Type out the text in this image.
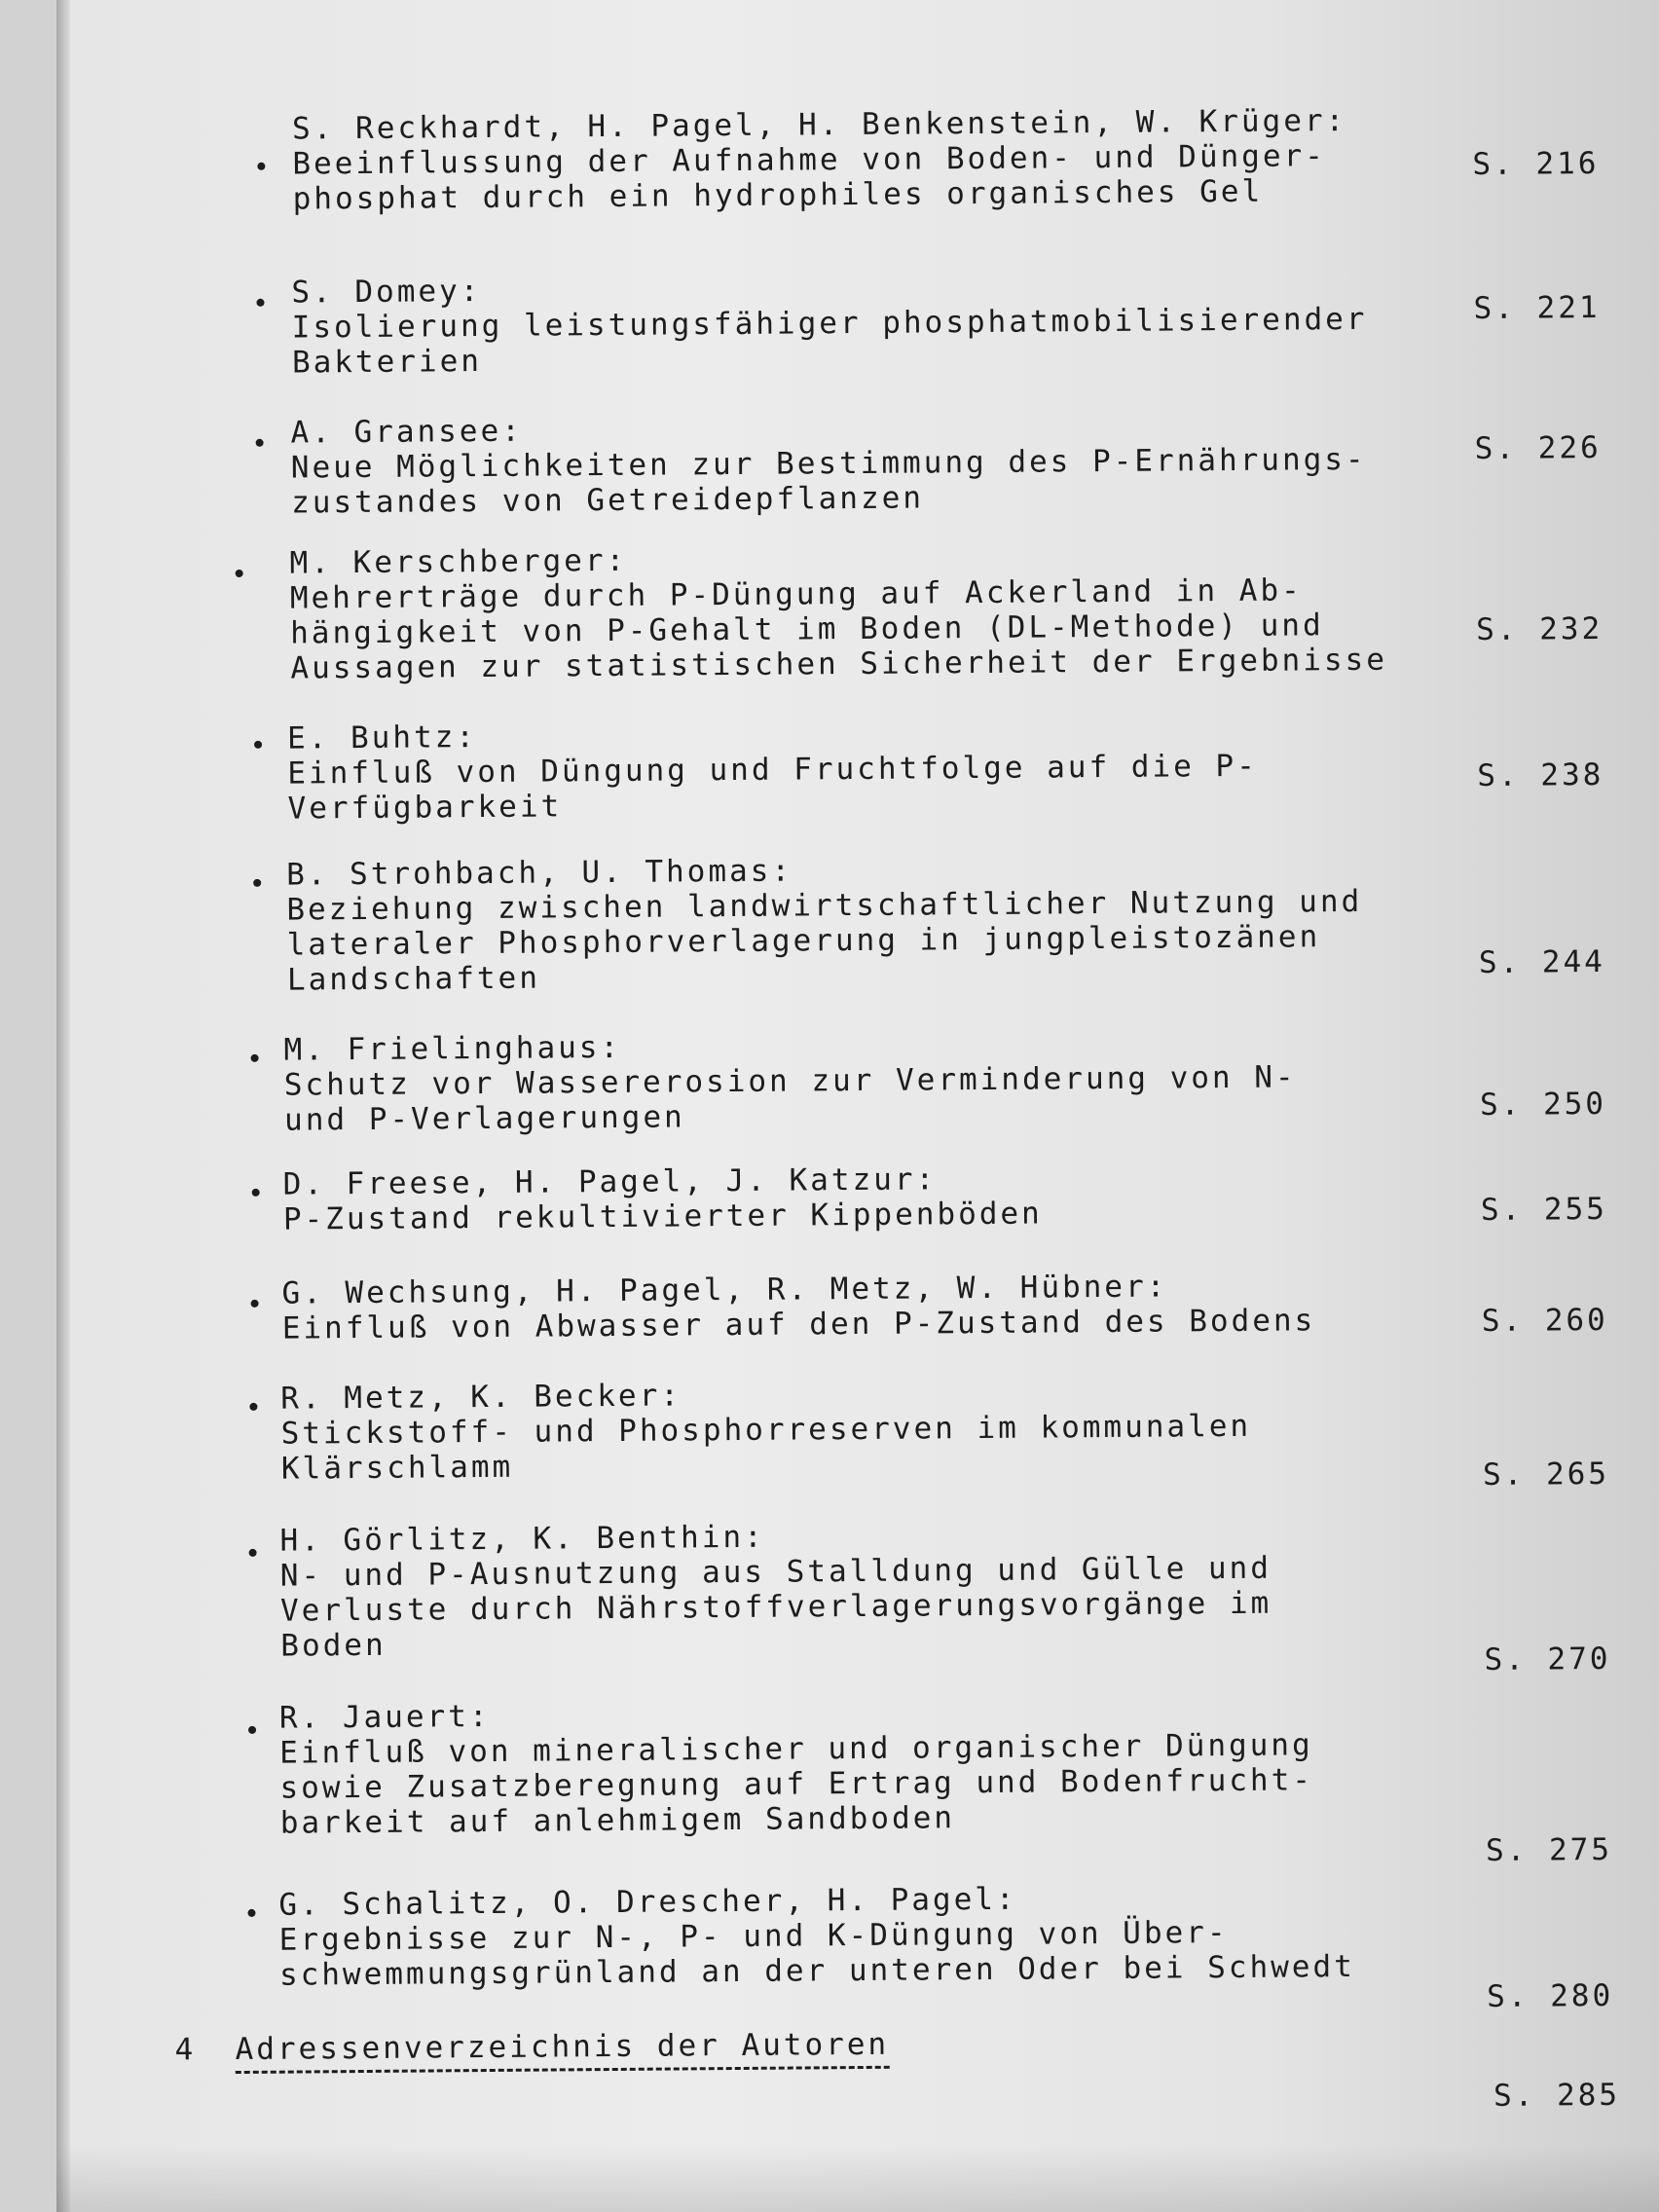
S. Reckhardt, H. Pagel, H. Benkenstein, W. Krüger:
Beeinflussung der Aufnahme von Boden- und Dünger-
phosphat durch ein hydrophiles organisches Gel
S. 216
S. Domey:
Isolierung leistungsfähiger phosphatmobilisierender
Bakterien
S. 221
A. Gransee:
Neue Möglichkeiten zur Bestimmung des P-Ernährungs-
zustandes von Getreidepflanzen
S. 226
M. Kerschberger:
Mehrerträge durch P-Düngung auf Ackerland in Ab-
hängigkeit von P-Gehalt im Boden (DL-Methode) und
Aussagen zur statistischen Sicherheit der Ergebnisse
S. 232
E. Buhtz:
Einfluß von Düngung und Fruchtfolge auf die P-
Verfügbarkeit
S. 238
B. Strohbach, U. Thomas:
Beziehung zwischen landwirtschaftlicher Nutzung und
lateraler Phosphorverlagerung in jungpleistozänen
Landschaften	S. 244
M. Frielinghaus:
Schutz vor Wassererosion zur Verminderung von N-
und P-Verlagerungen	S. 250
D. Freese, H. Pagel, J. Katzur:
P-Zustand rekultivierter Kippenböden	S. 255
G. Wechsung, H. Pagel, R. Metz, W. Hübner:
Einfluß von Abwasser auf den P-Zustand des Bodens	S. 260
R. Metz, K. Becker:
Stickstoff- und Phosphorreserven im kommunalen
Klärschlamm	S. 265
H. Görlitz, K. Benthin:
N- und P-Ausnutzung aus Stalldung und Gülle und
Verluste durch Nährstoffverlagerungsvorgänge im
Boden	S. 270
R. Jauert:
Einfluß von mineralischer und organischer Düngung
sowie Zusatzberegnung auf Ertrag und Bodenfrucht-
barkeit auf anlehmigem Sandboden
S. 275
G. Schalitz, O. Drescher, H. Pagel:
Ergebnisse zur N-, P- und K-Düngung von Über-
schwemmungsgrünland an der unteren Oder bei Schwedt
S. 280
4 Adressenverzeichnis der Autoren
S. 285
